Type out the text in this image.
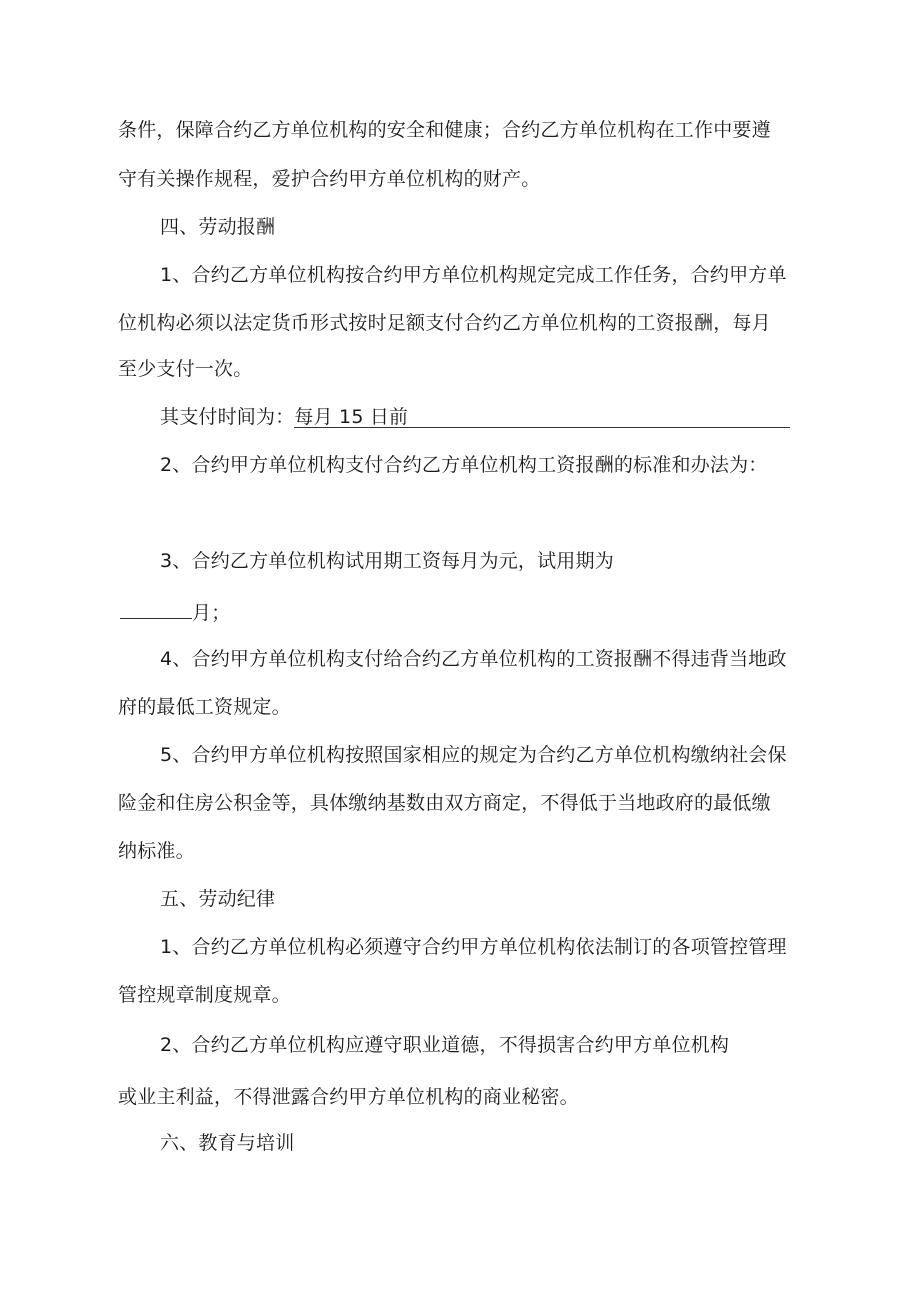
条件，保障合约乙方单位机构的安全和健康；合约乙方单位机构在工作中要遵
守有关操作规程，爱护合约甲方单位机构的财产。
四、劳动报酬
1、合约乙方单位机构按合约甲方单位机构规定完成工作任务，合约甲方单
位机构必须以法定货币形式按时足额支付合约乙方单位机构的工资报酬，每月
至少支付一次。
其支付时间为：每月 15 日前
2、合约甲方单位机构支付合约乙方单位机构工资报酬的标准和办法为：
3、合约乙方单位机构试用期工资每月为元，试用期为
月；
4、合约甲方单位机构支付给合约乙方单位机构的工资报酬不得违背当地政
府的最低工资规定。
5、合约甲方单位机构按照国家相应的规定为合约乙方单位机构缴纳社会保
险金和住房公积金等，具体缴纳基数由双方商定，不得低于当地政府的最低缴
纳标准。
五、劳动纪律
1、合约乙方单位机构必须遵守合约甲方单位机构依法制订的各项管控管理
管控规章制度规章。
2、合约乙方单位机构应遵守职业道德，不得损害合约甲方单位机构
或业主利益，不得泄露合约甲方单位机构的商业秘密。
六、教育与培训
